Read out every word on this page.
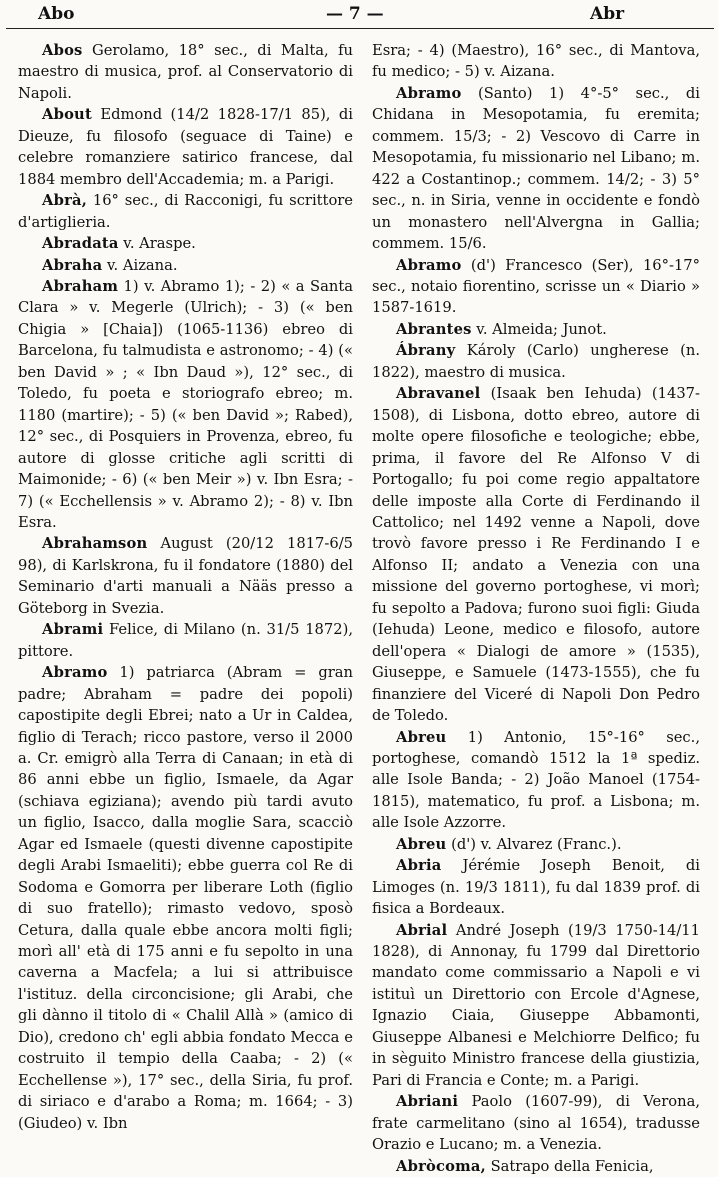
Abo	— 7 —	Abr

Abos Gerolamo, 18° sec., di Malta, fu maestro di musica, prof. al Conservatorio di Napoli.

About Edmond (14/2 1828-17/1 85), di Dieuze, fu filosofo (seguace di Taine) e celebre romanziere satirico francese, dal 1884 membro dell'Accademia; m. a Parigi.

Abrà, 16° sec., di Racconigi, fu scrittore d'artiglieria.

Abradata v. Araspe.

Abraha v. Aizana.

Abraham 1) v. Abramo 1); - 2) « a Santa Clara » v. Megerle (Ulrich); - 3) (« ben Chigia » [Chaia]) (1065-1136) ebreo di Barcelona, fu talmudista e astronomo; - 4) (« ben David » ; « Ibn Daud »), 12° sec., di Toledo, fu poeta e storiografo ebreo; m. 1180 (martire); - 5) (« ben David »; Rabed), 12° sec., di Posquiers in Provenza, ebreo, fu autore di glosse critiche agli scritti di Maimonide; - 6) (« ben Meir ») v. Ibn Esra; - 7) (« Ecchellensis » v. Abramo 2); - 8) v. Ibn Esra.

Abrahamson August (20/12 1817-6/5 98), di Karlskrona, fu il fondatore (1880) del Seminario d'arti manuali a Nääs presso a Göteborg in Svezia.

Abrami Felice, di Milano (n. 31/5 1872), pittore.

Abramo 1) patriarca (Abram = gran padre; Abraham = padre dei popoli) capostipite degli Ebrei; nato a Ur in Caldea, figlio di Terach; ricco pastore, verso il 2000 a. Cr. emigrò alla Terra di Canaan; in età di 86 anni ebbe un figlio, Ismaele, da Agar (schiava egiziana); avendo più tardi avuto un figlio, Isacco, dalla moglie Sara, scacciò Agar ed Ismaele (questi divenne capostipite degli Arabi Ismaeliti); ebbe guerra col Re di Sodoma e Gomorra per liberare Loth (figlio di suo fratello); rimasto vedovo, sposò Cetura, dalla quale ebbe ancora molti figli; morì all' età di 175 anni e fu sepolto in una caverna a Macfela; a lui si attribuisce l'istituz. della circoncisione; gli Arabi, che gli dànno il titolo di « Chalil Allà » (amico di Dio), credono ch' egli abbia fondato Mecca e costruito il tempio della Caaba; - 2) (« Ecchellense »), 17° sec., della Siria, fu prof. di siriaco e d'arabo a Roma; m. 1664; - 3) (Giudeo) v. Ibn

Esra; - 4) (Maestro), 16° sec., di Mantova, fu medico; - 5) v. Aizana.

Abramo (Santo) 1) 4°-5° sec., di Chidana in Mesopotamia, fu eremita; commem. 15/3; - 2) Vescovo di Carre in Mesopotamia, fu missionario nel Libano; m. 422 a Costantinop.; commem. 14/2; - 3) 5° sec., n. in Siria, venne in occidente e fondò un monastero nell'Alvergna in Gallia; commem. 15/6.

Abramo (d') Francesco (Ser), 16°-17° sec., notaio fiorentino, scrisse un « Diario » 1587-1619.

Abrantes v. Almeida; Junot.

Ábrany Károly (Carlo) ungherese (n. 1822), maestro di musica.

Abravanel (Isaak ben Iehuda) (1437-1508), di Lisbona, dotto ebreo, autore di molte opere filosofiche e teologiche; ebbe, prima, il favore del Re Alfonso V di Portogallo; fu poi come regio appaltatore delle imposte alla Corte di Ferdinando il Cattolico; nel 1492 venne a Napoli, dove trovò favore presso i Re Ferdinando I e Alfonso II; andato a Venezia con una missione del governo portoghese, vi morì; fu sepolto a Padova; furono suoi figli: Giuda (Iehuda) Leone, medico e filosofo, autore dell'opera « Dialogi de amore » (1535), Giuseppe, e Samuele (1473-1555), che fu finanziere del Viceré di Napoli Don Pedro de Toledo.

Abreu 1) Antonio, 15°-16° sec., portoghese, comandò 1512 la 1ª spediz. alle Isole Banda; - 2) João Manoel (1754-1815), matematico, fu prof. a Lisbona; m. alle Isole Azzorre.

Abreu (d') v. Alvarez (Franc.).

Abria Jérémie Joseph Benoit, di Limoges (n. 19/3 1811), fu dal 1839 prof. di fisica a Bordeaux.

Abrial André Joseph (19/3 1750-14/11 1828), di Annonay, fu 1799 dal Direttorio mandato come commissario a Napoli e vi istituì un Direttorio con Ercole d'Agnese, Ignazio Ciaia, Giuseppe Abbamonti, Giuseppe Albanesi e Melchiorre Delfico; fu in sèguito Ministro francese della giustizia, Pari di Francia e Conte; m. a Parigi.

Abriani Paolo (1607-99), di Verona, frate carmelitano (sino al 1654), tradusse Orazio e Lucano; m. a Venezia.

Abròcoma, Satrapo della Fenicia,
